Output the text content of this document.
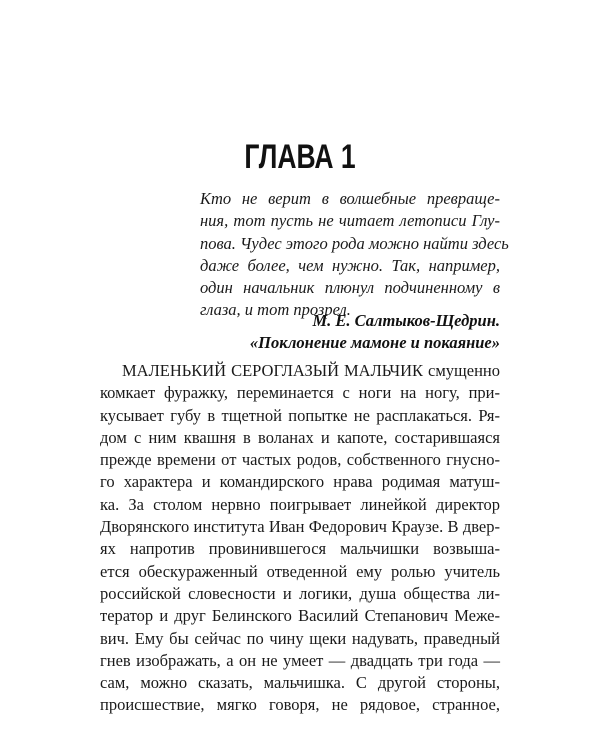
ГЛАВА 1
Кто не верит в волшебные превраще-
ния, тот пусть не читает летописи Глу-
пова. Чудес этого рода можно найти здесь
даже более, чем нужно. Так, например,
один начальник плюнул подчиненному в
глаза, и тот прозрел.
М. Е. Салтыков-Щедрин.
«Поклонение мамоне и покаяние»
МАЛЕНЬКИЙ СЕРОГЛАЗЫЙ МАЛЬЧИК смущенно
комкает фуражку, переминается с ноги на ногу, при-
кусывает губу в тщетной попытке не расплакаться. Ря-
дом с ним квашня в воланах и капоте, состарившаяся
прежде времени от частых родов, собственного гнусно-
го характера и командирского нрава родимая матуш-
ка. За столом нервно поигрывает линейкой директор
Дворянского института Иван Федорович Краузе. В двер-
ях напротив провинившегося мальчишки возвыша-
ется обескураженный отведенной ему ролью учитель
российской словесности и логики, душа общества ли-
тератор и друг Белинского Василий Степанович Меже-
вич. Ему бы сейчас по чину щеки надувать, праведный
гнев изображать, а он не умеет — двадцать три года —
сам, можно сказать, мальчишка. С другой стороны,
происшествие, мягко говоря, не рядовое, странное,
